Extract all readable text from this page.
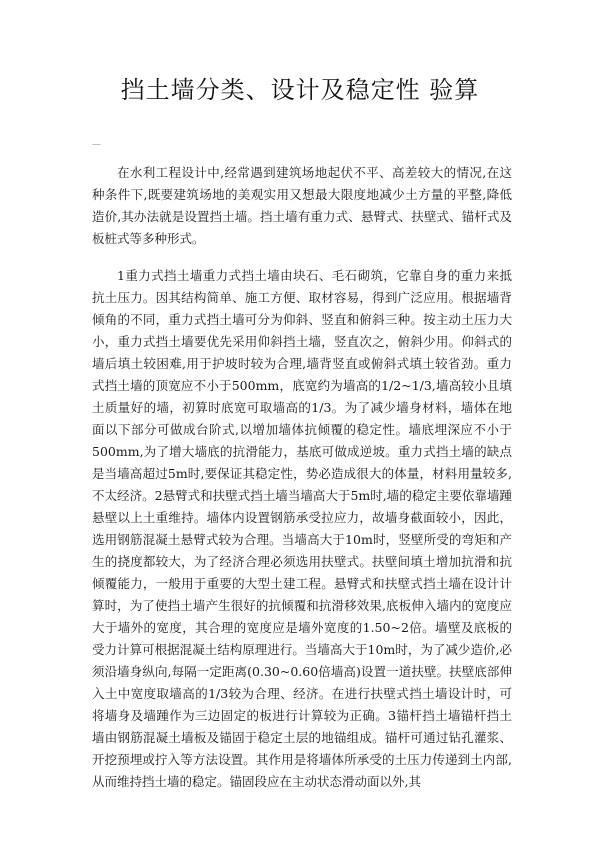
挡土墙分类、设计及稳定性 验算
—

在水利工程设计中,经常遇到建筑场地起伏不平、高差较大的情况,在这种条件下,既要建筑场地的美观实用又想最大限度地减少土方量的平整,降低造价,其办法就是设置挡土墙。挡土墙有重力式、悬臂式、扶壁式、锚杆式及板桩式等多种形式。

1重力式挡土墙重力式挡土墙由块石、毛石砌筑，它靠自身的重力来抵抗土压力。因其结构简单、施工方便、取材容易，得到广泛应用。根据墙背倾角的不同，重力式挡土墙可分为仰斜、竖直和俯斜三种。按主动土压力大小，重力式挡土墙要优先采用仰斜挡土墙，竖直次之，俯斜少用。仰斜式的墙后填土较困难,用于护坡时较为合理,墙背竖直或俯斜式填土较省劲。重力式挡土墙的顶宽应不小于500mm，底宽约为墙高的1/2~1/3,墙高较小且填土质量好的墙，初算时底宽可取墙高的1/3。为了减少墙身材料，墙体在地面以下部分可做成台阶式,以增加墙体抗倾覆的稳定性。墙底埋深应不小于500mm,为了增大墙底的抗滑能力，基底可做成逆坡。重力式挡土墙的缺点是当墙高超过5m时,要保证其稳定性，势必造成很大的体量，材料用量较多,不太经济。2悬臂式和扶壁式挡土墙当墙高大于5m时,墙的稳定主要依靠墙踵悬壁以上土重维持。墙体内设置钢筋承受拉应力，故墙身截面较小，因此，选用钢筋混凝土悬臂式较为合理。当墙高大于10m时，竖壁所受的弯矩和产生的挠度都较大，为了经济合理必须选用扶壁式。扶壁间填土增加抗滑和抗倾覆能力，一般用于重要的大型土建工程。悬臂式和扶壁式挡土墙在设计计算时，为了使挡土墙产生很好的抗倾覆和抗滑移效果,底板伸入墙内的宽度应大于墙外的宽度，其合理的宽度应是墙外宽度的1.50~2倍。墙壁及底板的受力计算可根据混凝土结构原理进行。当墙高大于10m时，为了减少造价,必须沿墙身纵向,每隔一定距离(0.30~0.60倍墙高)设置一道扶壁。扶壁底部伸入土中宽度取墙高的1/3较为合理、经济。在进行扶壁式挡土墙设计时，可将墙身及墙踵作为三边固定的板进行计算较为正确。3锚杆挡土墙锚杆挡土墙由钢筋混凝土墙板及锚固于稳定土层的地锚组成。锚杆可通过钻孔灌浆、开挖预埋或拧入等方法设置。其作用是将墙体所承受的土压力传递到土内部,从而维持挡土墙的稳定。锚固段应在主动状态滑动面以外,其
